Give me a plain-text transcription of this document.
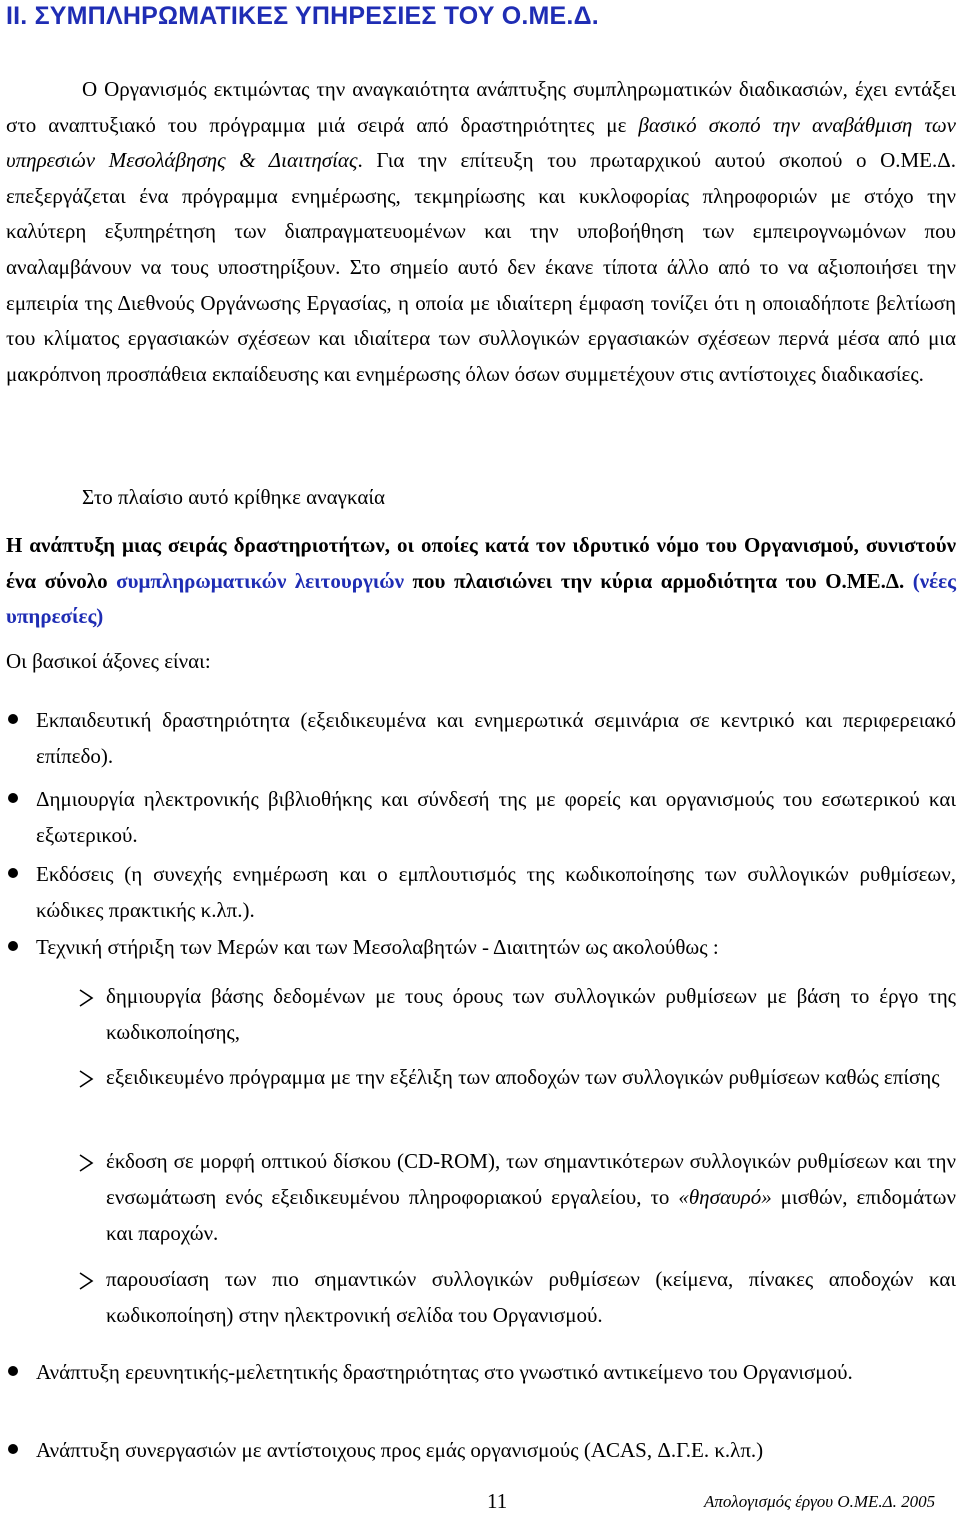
ΙΙ. ΣΥΜΠΛΗΡΩΜΑΤΙΚΕΣ ΥΠΗΡΕΣΙΕΣ ΤΟΥ Ο.ΜΕ.Δ.

Ο Οργανισμός εκτιμώντας την αναγκαιότητα ανάπτυξης συμπληρωματικών διαδικασιών, έχει εντάξει στο αναπτυξιακό του πρόγραμμα μιά σειρά από δραστηριότητες με βασικό σκοπό την αναβάθμιση των υπηρεσιών Μεσολάβησης & Διαιτησίας. Για την επίτευξη του πρωταρχικού αυτού σκοπού ο Ο.ΜΕ.Δ. επεξεργάζεται ένα πρόγραμμα ενημέρωσης, τεκμηρίωσης και κυκλοφορίας πληροφοριών με στόχο την καλύτερη εξυπηρέτηση των διαπραγματευομένων και την υποβοήθηση των εμπειρογνωμόνων που αναλαμβάνουν να τους υποστηρίξουν. Στο σημείο αυτό δεν έκανε τίποτα άλλο από το να αξιοποιήσει την εμπειρία της Διεθνούς Οργάνωσης Εργασίας, η οποία με ιδιαίτερη έμφαση τονίζει ότι η οποιαδήποτε βελτίωση του κλίματος εργασιακών σχέσεων και ιδιαίτερα των συλλογικών εργασιακών σχέσεων περνά μέσα από μια μακρόπνοη προσπάθεια εκπαίδευσης και ενημέρωσης όλων όσων συμμετέχουν στις αντίστοιχες διαδικασίες.

Στο πλαίσιο αυτό κρίθηκε αναγκαία

Η ανάπτυξη μιας σειράς δραστηριοτήτων, οι οποίες κατά τον ιδρυτικό νόμο του Οργανισμού, συνιστούν ένα σύνολο συμπληρωματικών λειτουργιών που πλαισιώνει την κύρια αρμοδιότητα του Ο.ΜΕ.Δ. (νέες υπηρεσίες)

Οι βασικοί άξονες είναι:

Εκπαιδευτική δραστηριότητα (εξειδικευμένα και ενημερωτικά σεμινάρια σε κεντρικό και περιφερειακό επίπεδο).

Δημιουργία ηλεκτρονικής βιβλιοθήκης και σύνδεσή της με φορείς και οργανισμούς του εσωτερικού και εξωτερικού.

Εκδόσεις (η συνεχής ενημέρωση και ο εμπλουτισμός της κωδικοποίησης των συλλογικών ρυθμίσεων, κώδικες πρακτικής κ.λπ.).

Τεχνική στήριξη των Μερών και των Μεσολαβητών - Διαιτητών ως ακολούθως :

δημιουργία βάσης δεδομένων με τους όρους των συλλογικών ρυθμίσεων με βάση το έργο της κωδικοποίησης,

εξειδικευμένο πρόγραμμα με την εξέλιξη των αποδοχών των συλλογικών ρυθμίσεων καθώς επίσης

έκδοση σε μορφή οπτικού δίσκου (CD-ROM), των σημαντικότερων συλλογικών ρυθμίσεων και την ενσωμάτωση ενός εξειδικευμένου πληροφοριακού εργαλείου, το «θησαυρό» μισθών, επιδομάτων και παροχών.

παρουσίαση των πιο σημαντικών συλλογικών ρυθμίσεων (κείμενα, πίνακες αποδοχών και κωδικοποίηση) στην ηλεκτρονική σελίδα του Οργανισμού.

Ανάπτυξη ερευνητικής-μελετητικής δραστηριότητας στο γνωστικό αντικείμενο του Οργανισμού.

Ανάπτυξη συνεργασιών με αντίστοιχους προς εμάς οργανισμούς (ACAS, Δ.Γ.Ε. κ.λπ.)

11	Απολογισμός έργου Ο.ΜΕ.Δ. 2005
